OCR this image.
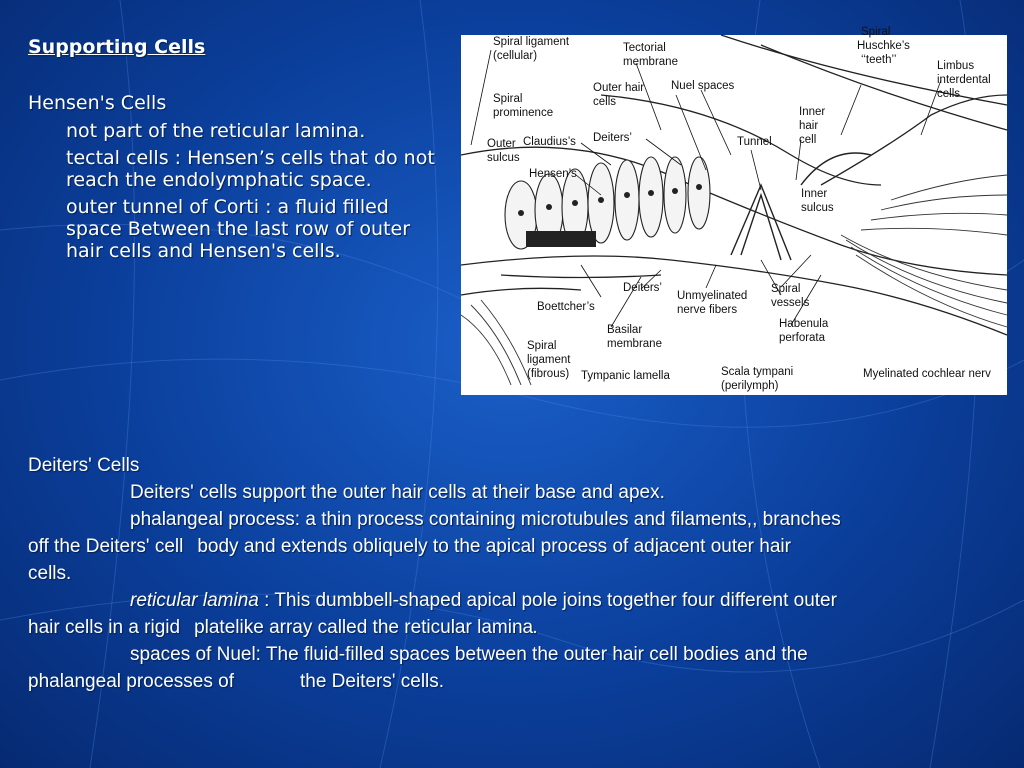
Supporting Cells
Hensen's Cells
not part of the reticular lamina.
tectal cells : Hensen’s cells that do not reach the endolymphatic space.
outer tunnel of Corti : a fluid filled space Between the last row of outer hair cells and Hensen's cells.
Spiral ligament
(cellular)
Tectorial
membrane
Spiral
Huschke’s
‘‘teeth’’	Limbus
interdental
cells
Outer hair
cells
Nuel spaces
Spiral
prominence	Inner
hair
cell
Outer
sulcus
Claudius’s Deiters’	Tunnel
Hensen’s
Inner
sulcus
Deiters’
Unmyelinated
nerve fibers
Spiral
vessels
Boettcher’s
Habenula
perforata
Basilar
membrane
Spiral
ligament
(fibrous) Tympanic lamella	Scala tympani
(perilymph)
Myelinated cochlear nerv
Deiters' Cells
Deiters' cells support the outer hair cells at their base and apex.
phalangeal process: a thin process containing microtubules and filaments,, branches
off the Deiters' cell body and extends obliquely to the apical process of adjacent outer hair
cells.
reticular lamina : This dumbbell-shaped apical pole joins together four different outer
hair cells in a rigid platelike array called the reticular lamina.
spaces of Nuel: The fluid-filled spaces between the outer hair cell bodies and the
phalangeal processes of	the Deiters' cells.
